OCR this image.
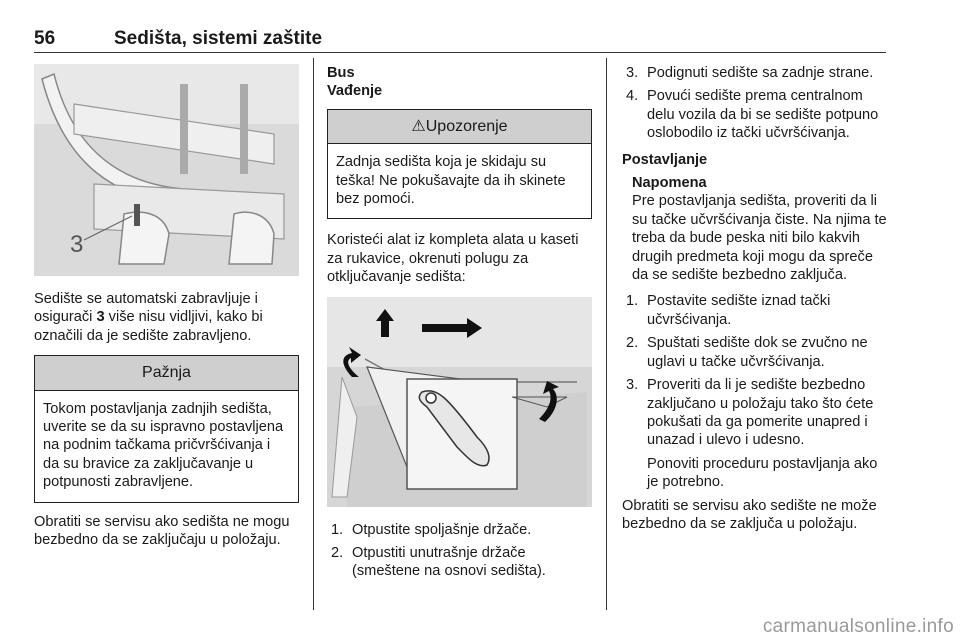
56	Sedišta, sistemi zaštite
3

Sedište se automatski zabravljuje i osigurači 3 više nisu vidljivi, kako bi označili da je sedište zabravljeno.

Pažnja
Tokom postavljanja zadnjih sedišta, uverite se da su ispravno postavljena na podnim tačkama pričvršćivanja i da su bravice za zaključavanje u potpunosti zabravljene.

Obratiti se servisu ako sedišta ne mogu bezbedno da se zaključaju u položaju.

Bus

Vađenje

⚠Upozorenje
Zadnja sedišta koja je skidaju su teška! Ne pokušavajte da ih skinete bez pomoći.

Koristeći alat iz kompleta alata u kaseti za rukavice, okrenuti polugu za otključavanje sedišta:

1. Otpustite spoljašnje držače.
2. Otpustiti unutrašnje držače (smeštene na osnovi sedišta).
3. Podignuti sedište sa zadnje strane.
4. Povući sedište prema centralnom delu vozila da bi se sedište potpuno oslobodilo iz tački učvršćivanja.

Postavljanje

Napomena

Pre postavljanja sedišta, proveriti da li su tačke učvršćivanja čiste. Na njima te treba da bude peska niti bilo kakvih drugih predmeta koji mogu da spreče da se sedište bezbedno zaključa.

1. Postavite sedište iznad tački učvršćivanja.
2. Spuštati sedište dok se zvučno ne uglavi u tačke učvršćivanja.
3. Proveriti da li je sedište bezbedno zaključano u položaju tako što ćete pokušati da ga pomerite unapred i unazad i ulevo i udesno.

Ponoviti proceduru postavljanja ako je potrebno.

Obratiti se servisu ako sedište ne može bezbedno da se zaključa u položaju.

carmanualsonline.info
